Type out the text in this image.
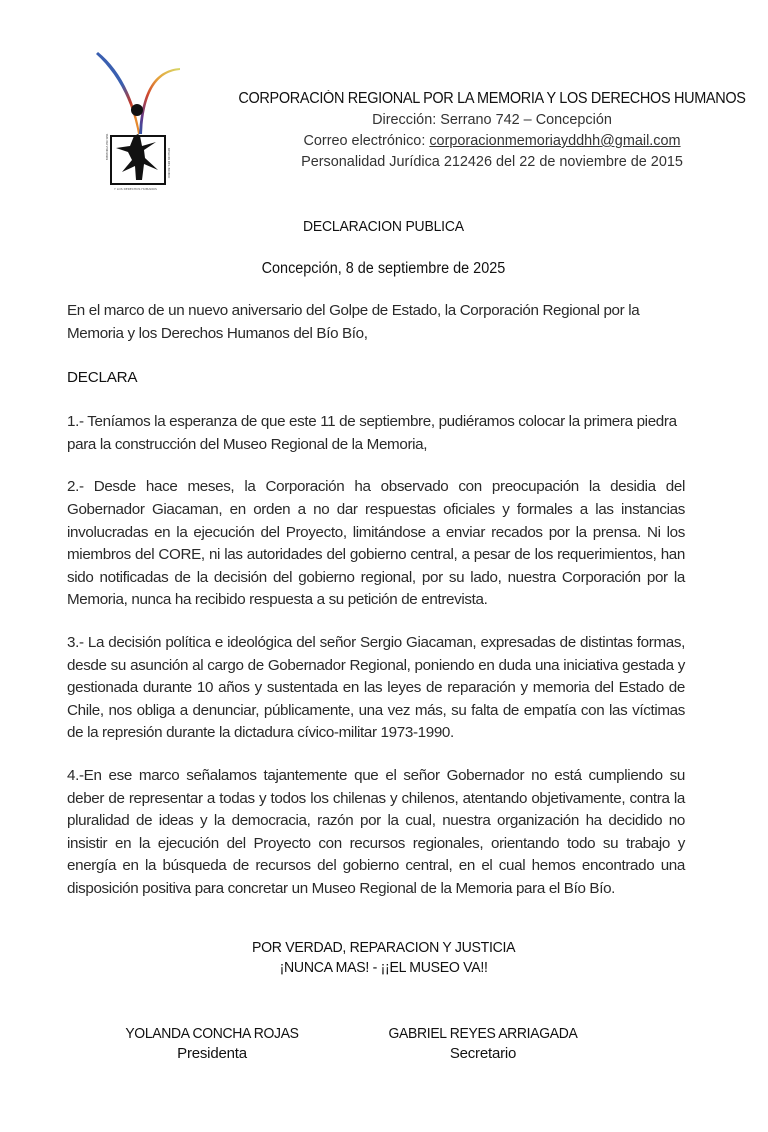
MEMORIA EN SER
REGION DEL BIOBIO
Y LOS DERECHOS HUMANOS
CORPORACIÓN REGIONAL POR LA MEMORIA Y LOS DERECHOS HUMANOS
Dirección: Serrano 742 – Concepción
Correo electrónico: corporacionmemoriayddhh@gmail.com
Personalidad Jurídica 212426 del 22 de noviembre de 2015
DECLARACION PUBLICA
Concepción, 8 de septiembre de 2025

En el marco de un nuevo aniversario del Golpe de Estado, la Corporación Regional por la Memoria y los Derechos Humanos del Bío Bío,

DECLARA

1.- Teníamos la esperanza de que este 11 de septiembre, pudiéramos colocar la primera piedra para la construcción del Museo Regional de la Memoria,

2.- Desde hace meses, la Corporación ha observado con preocupación la desidia del Gobernador Giacaman, en orden a no dar respuestas oficiales y formales a las instancias involucradas en la ejecución del Proyecto, limitándose a enviar recados por la prensa. Ni los miembros del CORE, ni las autoridades del gobierno central, a pesar de los requerimientos, han sido notificadas de la decisión del gobierno regional, por su lado, nuestra Corporación por la Memoria, nunca ha recibido respuesta a su petición de entrevista.

3.- La decisión política e ideológica del señor Sergio Giacaman, expresadas de distintas formas, desde su asunción al cargo de Gobernador Regional, poniendo en duda una iniciativa gestada y gestionada durante 10 años y sustentada en las leyes de reparación y memoria del Estado de Chile, nos obliga a denunciar, públicamente, una vez más, su falta de empatía con las víctimas de la represión durante la dictadura cívico-militar 1973-1990.

4.-En ese marco señalamos tajantemente que el señor Gobernador no está cumpliendo su deber de representar a todas y todos los chilenas y chilenos, atentando objetivamente, contra la pluralidad de ideas y la democracia, razón por la cual, nuestra organización ha decidido no insistir en la ejecución del Proyecto con recursos regionales, orientando todo su trabajo y energía en la búsqueda de recursos del gobierno central, en el cual hemos encontrado una disposición positiva para concretar un Museo Regional de la Memoria para el Bío Bío.

POR VERDAD, REPARACION Y JUSTICIA
¡NUNCA MAS! - ¡¡EL MUSEO VA!!
YOLANDA CONCHA ROJAS
Presidenta
GABRIEL REYES ARRIAGADA
Secretario
